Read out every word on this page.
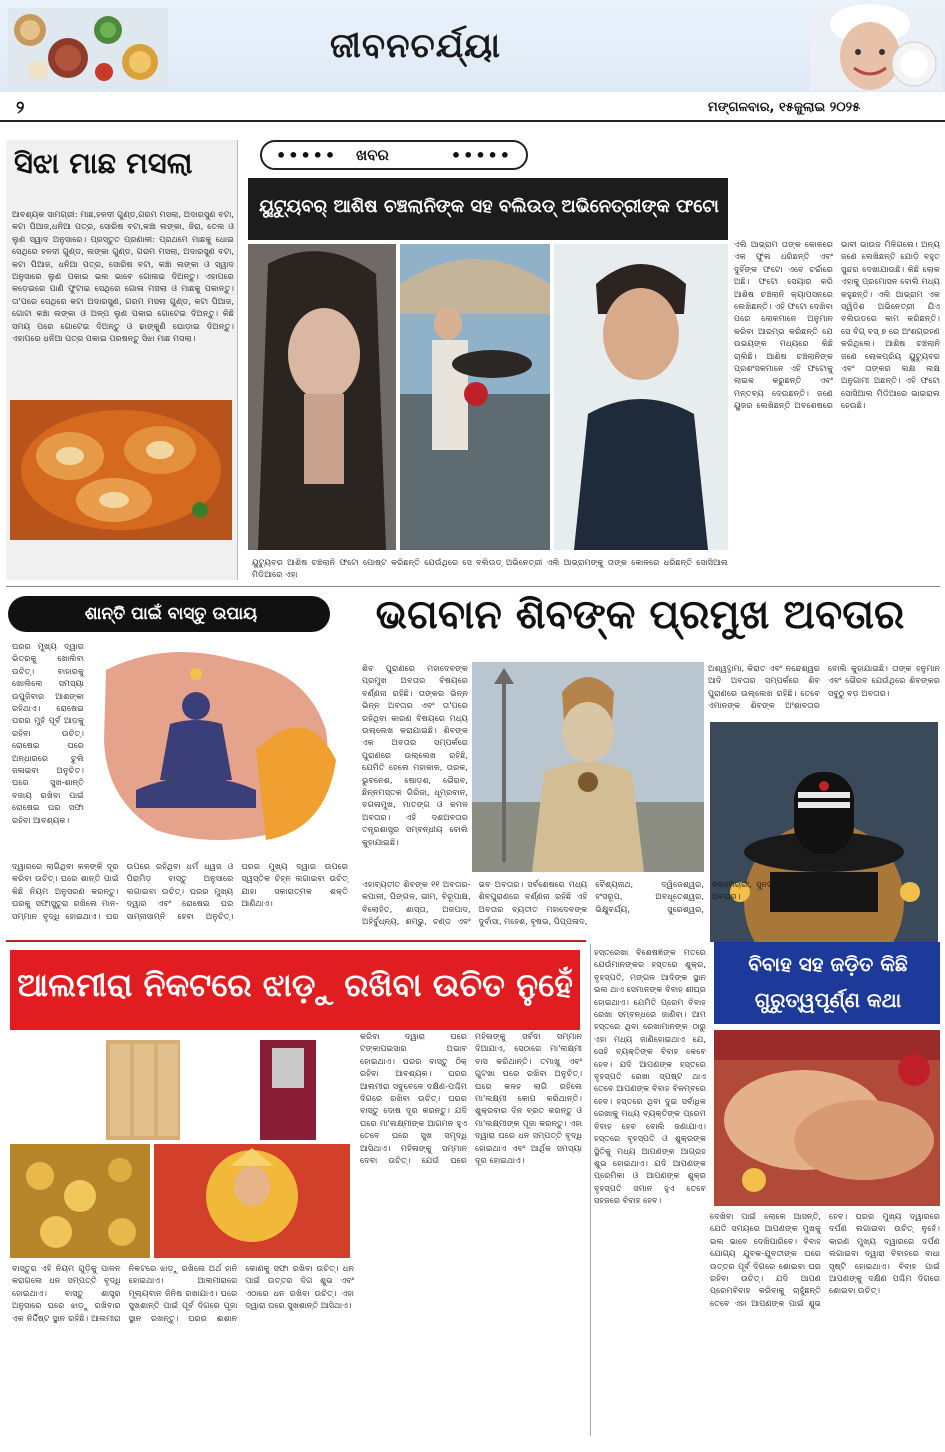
ଜୀବନଚର୍ଯ୍ୟା
୨	ମଙ୍ଗଳବାର, ୧୫ଜୁଲାଇ ୨୦୨୫
ସିଝା ମାଛ ମସଲା
ଆବଶ୍ୟକ ସାମଗ୍ରୀ: ମାଛ,ହଳଦୀ ଗୁଣ୍ଡ,ଗରମ ମସଲା, ଅଦାରସୁଣ ବଟା, କଟା ପିଆଜ,ଧନିଆ ପତ୍ର, ସୋରିଷ ବଟା,କଞ୍ଚା ଲଙ୍କା, ଜିରା, ତେଲ ଓ ଲୁଣ ସ୍ୱାଦ ଅନୁସାରେ। ପ୍ରସ୍ତୁତ ପ୍ରଣାଳୀ: ପ୍ରଥମେ ମାଛକୁ ଧୋଇ ସେଥିରେ ହଳଦୀ ଗୁଣ୍ଡ, ଲଙ୍କା ଗୁଣ୍ଡ, ଗରମ ମସଲା, ଅଦାରସୁଣ ବଟା, କଟା ପିଆଜ, ଧନିଆ ପତ୍ର, ସୋରିଷ ବଟା, କଞ୍ଚା ଲଙ୍କା ଓ ସ୍ୱାଦ ଅନୁସାରେ ଲୁଣ ପକାଇ ଭଲ ଭାବେ ଗୋଳାଇ ଦିଅନ୍ତୁ। ଏହାପରେ କଡ଼େଇରେ ପାଣି ଫୁଟାଇ ସେଥିରେ ଗୋଳା ମସଲା ଓ ମାଛକୁ ପକାନ୍ତୁ। ତା'ପରେ ସେଥିରେ କଟା ଅଦାରସୁଣ, ଗରମ ମସଲା ଗୁଣ୍ଡ, କଟା ପିଆଜ, ଗୋଟା କଞ୍ଚା ଲଙ୍କା ଓ ଅଳ୍ପ ଲୁଣ ପକାଇ ଗୋଟେଇ ଦିଅନ୍ତୁ। କିଛି ସମୟ ପରେ ଗୋଟେଇ ଦିଅନ୍ତୁ ଓ ଢାଙ୍କୁଣି ଘୋଡ଼ାଇ ଦିଅନ୍ତୁ। ଏହାପରେ ଧନିଆ ପତ୍ର ପକାଇ ପରଷନ୍ତୁ ସିଝା ମାଛ ମସଲା।
•••••	•••••
ଖବର
ୟୁଟ୍ୟୁବର୍ ଆଶିଷ ଚଞ୍ଚଲାନିଙ୍କ ସହ ବଲିଉଡ୍ ଅଭିନେତ୍ରୀଙ୍କ ଫଟୋ
ୟୁଟ୍ୟୁବର ଆଶିଷ ଚଞ୍ଚଲାନି ଫଟୋ ପୋଷ୍ଟ କରିଛନ୍ତି ଯେଉଁଥିରେ ସେ ବଲିଉଡ୍ ଅଭିନେତ୍ରୀ ଏଲି ଆଭ୍ରାମଙ୍କୁ ତାଙ୍କ କୋଳରେ ଧରିଛନ୍ତି ସୋସିଆଲ ମିଡିଆରେ ଏହା
ଏଲି ଆଭ୍ରାମ ତାଙ୍କ କୋଳରେ ଏକ ଫୁଲ ଧରିଛନ୍ତି ଏବଂ ଦୁହିଁଙ୍କ ଫଟୋ ଏବେ ଚର୍ଚ୍ଚାରେ ଅଛି। ଫଟୋ ସେୟାର କରି ଆଶିଷ ଚଞ୍ଚଲାନି କ୍ୟାପସନରେ ଲେଖିଛନ୍ତି। ଏହି ଫଟୋ ଦେଖିବା ପରେ ଲୋକମାନେ ଅନୁମାନ କରିବା ଆରମ୍ଭ କରିଛନ୍ତି ଯେ ଉଭୟଙ୍କ ମଧ୍ୟରେ କିଛି ଚାଲିଛି। ଆଶିଷ ଚଞ୍ଚଲାନିଙ୍କ ପ୍ରଶଂସକମାନେ ଏହି ଫଟୋକୁ ଲାଇକ କରୁଛନ୍ତି ଏବଂ ମନ୍ତବ୍ୟ ଦେଉଛନ୍ତି। ଜଣେ ୟୁଜର ଲେଖିଛନ୍ତି ଅବଶେଷରେ ଭାବୀ ଭାଉଜ ମିଳିଗଲେ। ଅନ୍ୟ ଜଣେ ଲେଖିଛନ୍ତି ଯୋଡ଼ି ବହୁତ ସୁନ୍ଦର ଦେଖାଯାଉଛି। କିଛି ଲୋକ ଏହାକୁ ପ୍ରମୋସନ ବୋଲି ମଧ୍ୟ କହୁଛନ୍ତି। ଏଲି ଆଭ୍ରାମ ଏକ ସ୍ୱିଡିଶ ଅଭିନେତ୍ରୀ ଯିଏ ବଲିଉଡରେ କାମ କରିଛନ୍ତି। ସେ ବିଗ୍ ବସ୍ ୭ ରେ ଅଂଶଗ୍ରହଣ କରିଥିଲେ। ଆଶିଷ ଚଞ୍ଚଲାନି ଜଣେ ଲୋକପ୍ରିୟ ୟୁଟ୍ୟୁବର ଏବଂ ତାଙ୍କର ଲକ୍ଷ ଲକ୍ଷ ଅନୁଗାମୀ ଅଛନ୍ତି। ଏହି ଫଟୋ ସୋସିଆଲ ମିଡିଆରେ ଭାଇରାଲ ହେଉଛି।
ଶାନ୍ତି ପାଇଁ ବାସ୍ତୁ ଉପାୟ
ଘରର ମୁଖ୍ୟ ଦ୍ୱାର ଭିତରକୁ ଖୋଲିବା ଉଚିତ୍। ବାହାରକୁ ଖୋଲିଲେ ସମସ୍ୟା ଉପୁଜିବାର ଆଶଙ୍କା ରହିଥାଏ। ରୋଷେଇ ଘରର ମୁହଁ ପୂର୍ବ ଆଡ଼କୁ ରହିବା ଉଚିତ୍। ରୋଷେଇ ଘରେ ଅନ୍ଧାରରେ ଚୁଲି ଜଳାଇବା ଅନୁଚିତ। ଘରେ ସୁଖ-ଶାନ୍ତି ବଜାୟ ରଖିବା ପାଇଁ ରୋଷେଇ ଘର ସଫା ରହିବା ଆବଶ୍ୟକ।
ଦ୍ୱାରରେ ଲାଗିଥିବା କଳଙ୍କି ଦୂର କରିବା ଉଚିତ୍। ଘରେ ଶାନ୍ତି ପାଇଁ କିଛି ନିୟମ ଅନୁସରଣ କରନ୍ତୁ। ଘରକୁ ସଫାସୁତୁରା ରଖିଲେ ମାନ-ସମ୍ମାନ ବୃଦ୍ଧି ହୋଇଥାଏ। ଘର ଉପରେ ରହିଥିବା ଧର୍ମ ଧ୍ୱଜ ଓ ପିରାମିଡ଼ ବାସ୍ତୁ ଅନୁସାରେ ଲଗାଇବା ଉଚିତ୍। ଘରର ମୁଖ୍ୟ ଦ୍ୱାର ଏବଂ ରୋଷେଇ ଘର ସାମ୍ନାସାମ୍ନି ହେବା ଅନୁଚିତ୍। ଘରର ମୁଖ୍ୟ ଦ୍ୱାର ଉପରେ ସ୍ୱସ୍ତିକ ଚିହ୍ନ ଲଗାଇବା ଉଚିତ୍ ଯାହା ସକାରାତ୍ମକ ଶକ୍ତି ଆଣିଥାଏ।
ଭଗବାନ ଶିବଙ୍କ ପ୍ରମୁଖ ଅବତାର
ଶିବ ପୁରାଣରେ ମହାଦେବଙ୍କ ପ୍ରମୁଖ ଅବତାର ବିଷୟରେ ବର୍ଣ୍ଣନା ରହିଛି। ତାଙ୍କର ଭିନ୍ନ ଭିନ୍ନ ଅବତାର ଏବଂ ତା'ପରେ ରହିଥିବା କାରଣ ବିଷୟରେ ମଧ୍ୟ ଉଲ୍ଲେଖ କରାଯାଇଛି। ଶିବଙ୍କ ଏକ ଅବତାର ସମ୍ପର୍କରେ ପୁରାଣରେ ଉଲ୍ଲେଖ ରହିଛି, ଯେମିତି ହେଲେ ମହାକାଳ, ତାରକ, ଭୁବନେଶ, ଷୋଡ଼ଶ, ଭୈରବ, ଛିନ୍ନମସ୍ତକ ଗିରିଜା, ଧୂମ୍ରବାନ, ବଗଳାମୁଖ, ମାତଙ୍ଗ ଓ କମଳ ଅବତାର। ଏହି ଦଶଅବତାର ତନ୍ତ୍ରଶାସ୍ତ୍ର ସମ୍ବନ୍ଧୀୟ ବୋଲି କୁହାଯାଇଛି।
ଅଶ୍ୱତ୍ଥାମା, କିରାତ ଏବଂ ନନ୍ଦେଶ୍ୱର ଆଦି ଅବତାର ସମ୍ପର୍କରେ ଶିବ ପୁରାଣରେ ଉଲ୍ଲେଖ ରହିଛି। ତେବେ ଏମାନଙ୍କ ଶିବଙ୍କ ଅଂଶାବତାର ବୋଲି କୁହାଯାଇଛି। ତାଙ୍କ ହନୁମାନ ଏବଂ ଭୈରବ ଯେଉଁଥିରେ ଶିବଙ୍କର ସବୁଠୁ ବଡ଼ ଅବତାର।
ଏହାବ୍ୟତୀତ ଶିବଙ୍କ ୧୧ ଅବତାର- କପାଳୀ, ପିଙ୍ଗଳ, ଭୀମ, ବିରୂପାକ୍ଷ, ବିଲୋହିତ, ଶାସ୍ତା, ଅଜପାଦ, ଅହିର୍ବୁଧ୍ନ୍ୟ, ଶମ୍ଭୁ, ଚଣ୍ଡ ଏବଂ ଭବ ଅବତାର। ସର୍ବଶେଷରେ ମଧ୍ୟ ଶିବପୁରାଣରେ ବର୍ଣ୍ଣନା ରହିଛି ଏହି ଅବତାର ବ୍ୟତୀତ ମହାଦେବଙ୍କ ଦୁର୍ବାସା, ମହେଶ, ବୃଷଭ, ପିପ୍ପଳାଦ, ବୈଶ୍ୟନାଥ, ଦ୍ୱିଜେଶ୍ୱର, ହଂସରୂପ, ଅବଧୂତେଶ୍ୱର, ଭିକ୍ଷୁବର୍ଯ୍ୟ, ସୁରେଶ୍ୱର,
ଆଲମୀରା ନିକଟରେ ଝାଡ଼ୁ ରଖିବା ଉଚିତ ନୁହେଁ
କରିବା ଦ୍ୱାରା ଘରେ ଟଙ୍କାପଇସାର ଅଭାବ ହୋଇଥାଏ। ଘରର ବାସ୍ତୁ ଠିକ୍ ରହିବା ଆବଶ୍ୟକ। ଘରର ଆଲମୀରା ସବୁବେଳେ ଦକ୍ଷିଣ-ପଶ୍ଚିମ ଦିଗରେ ରଖିବା ଉଚିତ୍। ଘରର ବାସ୍ତୁ ଦୋଷ ଦୂର କରନ୍ତୁ। ଯଦି ଘରେ ମା'ଲକ୍ଷ୍ମୀଙ୍କ ଆଗମନ ହୁଏ ତେବେ ଘରେ ସୁଖ ସମୃଦ୍ଧି ଆସିଥାଏ। ମହିଳାଙ୍କୁ ସମ୍ମାନ ଦେବା ଉଚିତ୍। ଯେଉଁ ଘରେ ମହିଳାଙ୍କୁ ସର୍ବଦା ସମ୍ମାନ ଦିଆଯାଏ, ସେଠାରେ ମା'ଲକ୍ଷ୍ମୀ ବାସ କରିଥାନ୍ତି। ତମାଖୁ ଏବଂ ଗୁଟଖା ଘରେ ରଖିବା ଅନୁଚିତ୍। ଘରେ କଳହ ଲାଗି ରହିଲେ ମା'ଲକ୍ଷ୍ମୀ କୋପ କରିଥାନ୍ତି। ଶୁକ୍ରବାର ଦିନ ବ୍ରତ କରନ୍ତୁ ଓ ମା'ଲକ୍ଷ୍ମୀଙ୍କ ପୂଜା କରନ୍ତୁ। ଏହା ଦ୍ୱାରା ଘରେ ଧନ ସମ୍ପତ୍ତି ବୃଦ୍ଧି ହୋଇଥାଏ ଏବଂ ଆର୍ଥିକ ସମସ୍ୟା ଦୂର ହୋଇଥାଏ।
ବାସ୍ତୁର ଏହି ନିୟମ ଗୁଡ଼ିକୁ ପାଳନ କରାଗଲେ ଧନ ସମ୍ପତ୍ତି ବୃଦ୍ଧି ହୋଇଥାଏ। ବାସ୍ତୁ ଶାସ୍ତ୍ର ଅନୁସାରେ ଘରେ ଝାଡ଼ୁ ରଖିବାର ଏକ ନିର୍ଦ୍ଦିଷ୍ଟ ସ୍ଥାନ ରହିଛି। ଆଲମୀରା ନିକଟରେ ଝାଡ଼ୁ ରଖିଲେ ଅର୍ଥ ହାନି ହୋଇଥାଏ। ଆଲମୀରାରେ ମୂଲ୍ୟବାନ ଜିନିଷ ରଖାଯାଏ। ଘରେ ସୁଖଶାନ୍ତି ପାଇଁ ପୂର୍ବ ଦିଗରେ ପୂଜା ସ୍ଥାନ ରଖନ୍ତୁ। ଘରର ଈଶାନ କୋଣକୁ ସଫା ରଖିବା ଉଚିତ୍। ଧନ ପାଇଁ ଉତ୍ତର ଦିଗ ଶୁଭ ଏବଂ ଏଠାରେ ଧନ ରଖିବା ଉଚିତ୍। ଏହା ଦ୍ୱାରା ଘରେ ସୁଖଶାନ୍ତି ଆସିଥାଏ।
ହସ୍ତରେଖା ବିଶେଷଜ୍ଞଙ୍କ ମତରେ ଯେଉଁମାନଙ୍କର ହସ୍ତରେ ଶୁକ୍ର, ବୃହସ୍ପତି, ମଙ୍ଗଳ ଆଦିଙ୍କ ସ୍ଥାନ ଭଲ ଥାଏ ସେମାନଙ୍କ ବିବାହ ଶୀଘ୍ର ହୋଇଥାଏ। ଯେମିତି ପ୍ରେମ ବିବାହ ରେଖା ସମ୍ବନ୍ଧରେ ଜାଣିବା। ଆମ ହସ୍ତରେ ଥିବା ରେଖାମାନଙ୍କ ଠାରୁ ଏହା ମଧ୍ୟ ଜାଣିହୋଇଥାଏ ଯେ, ସେହି ବ୍ୟକ୍ତିଙ୍କ ବିବାହ କେବେ ହେବ। ଯଦି ଆପଣଙ୍କ ହସ୍ତରେ ବୃହସ୍ପତି ରେଖା ସ୍ପଷ୍ଟ ଥାଏ ତେବେ ଆପଣଙ୍କ ବିବାହ ବିଳମ୍ବରେ ହେବ। ହସ୍ତରେ ଥିବା ଦୁଇ ସର୍ବାଧିକ ରେଖାକୁ ମଧ୍ୟ ବ୍ୟକ୍ତିଙ୍କ ପ୍ରେମ ବିବାହ ହେବ ବୋଲି ଜଣାଯାଏ। ହସ୍ତରେ ବୃହସ୍ପତି ଓ ଶୁକ୍ରଙ୍କ ସ୍ଥିତିକୁ ମଧ୍ୟ ଆପଣଙ୍କ ଆଗ୍ରହ ଶୁଭ ହୋଇଥାଏ। ଯଦି ଆପଣଙ୍କ ପ୍ରେମିକା ଓ ଆପଣଙ୍କ ଶୁକ୍ର ବୃହସ୍ପତି ସମାନ ହୁଏ ତେବେ ସହଜରେ ବିବାହ ହେବ।
ବିବାହ ସହ ଜଡ଼ିତ କିଛି ଗୁରୁତ୍ୱପୂର୍ଣ୍ଣ କଥା
ଦେଖିବା ପାଇଁ ଲୋକେ ଆସନ୍ତି, ଯେତି ସମୟରେ ଆପଣଙ୍କ ମୁଖକୁ ଭଲ ଭାବେ ଦେଖିପାରିବେ। ବିବାହ ଯୋଗ୍ୟ ଯୁବକ-ଯୁବତୀଙ୍କ ଘରେ ଉତ୍ତର ପୂର୍ବ ଦିଗରେ ଶୋଇବା ଘର ରହିବା ଉଚିତ୍। ଯଦି ଆପଣ ପ୍ରେମବିବାହ କରିବାକୁ ଚାହୁଁଛନ୍ତି ତେବେ ଏହା ଆପଣଙ୍କ ପାଇଁ ଶୁଭ ହେବ। ଘରର ମୁଖ୍ୟ ଦ୍ୱାରରେ ଦର୍ପଣ ଲଗାଇବା ଉଚିତ୍ ନୁହେଁ। କାରଣ ମୁଖ୍ୟ ଦ୍ୱାରରେ ଦର୍ପଣ ଲଗାଇବା ଦ୍ୱାରା ବିବାହରେ ବାଧା ସୃଷ୍ଟି ହୋଇଥାଏ। ବିବାହ ପାଇଁ ଆପଣଙ୍କୁ ଦକ୍ଷିଣ ପଶ୍ଚିମ ଦିଗରେ ଶୋଇବା ଉଚିତ୍।
